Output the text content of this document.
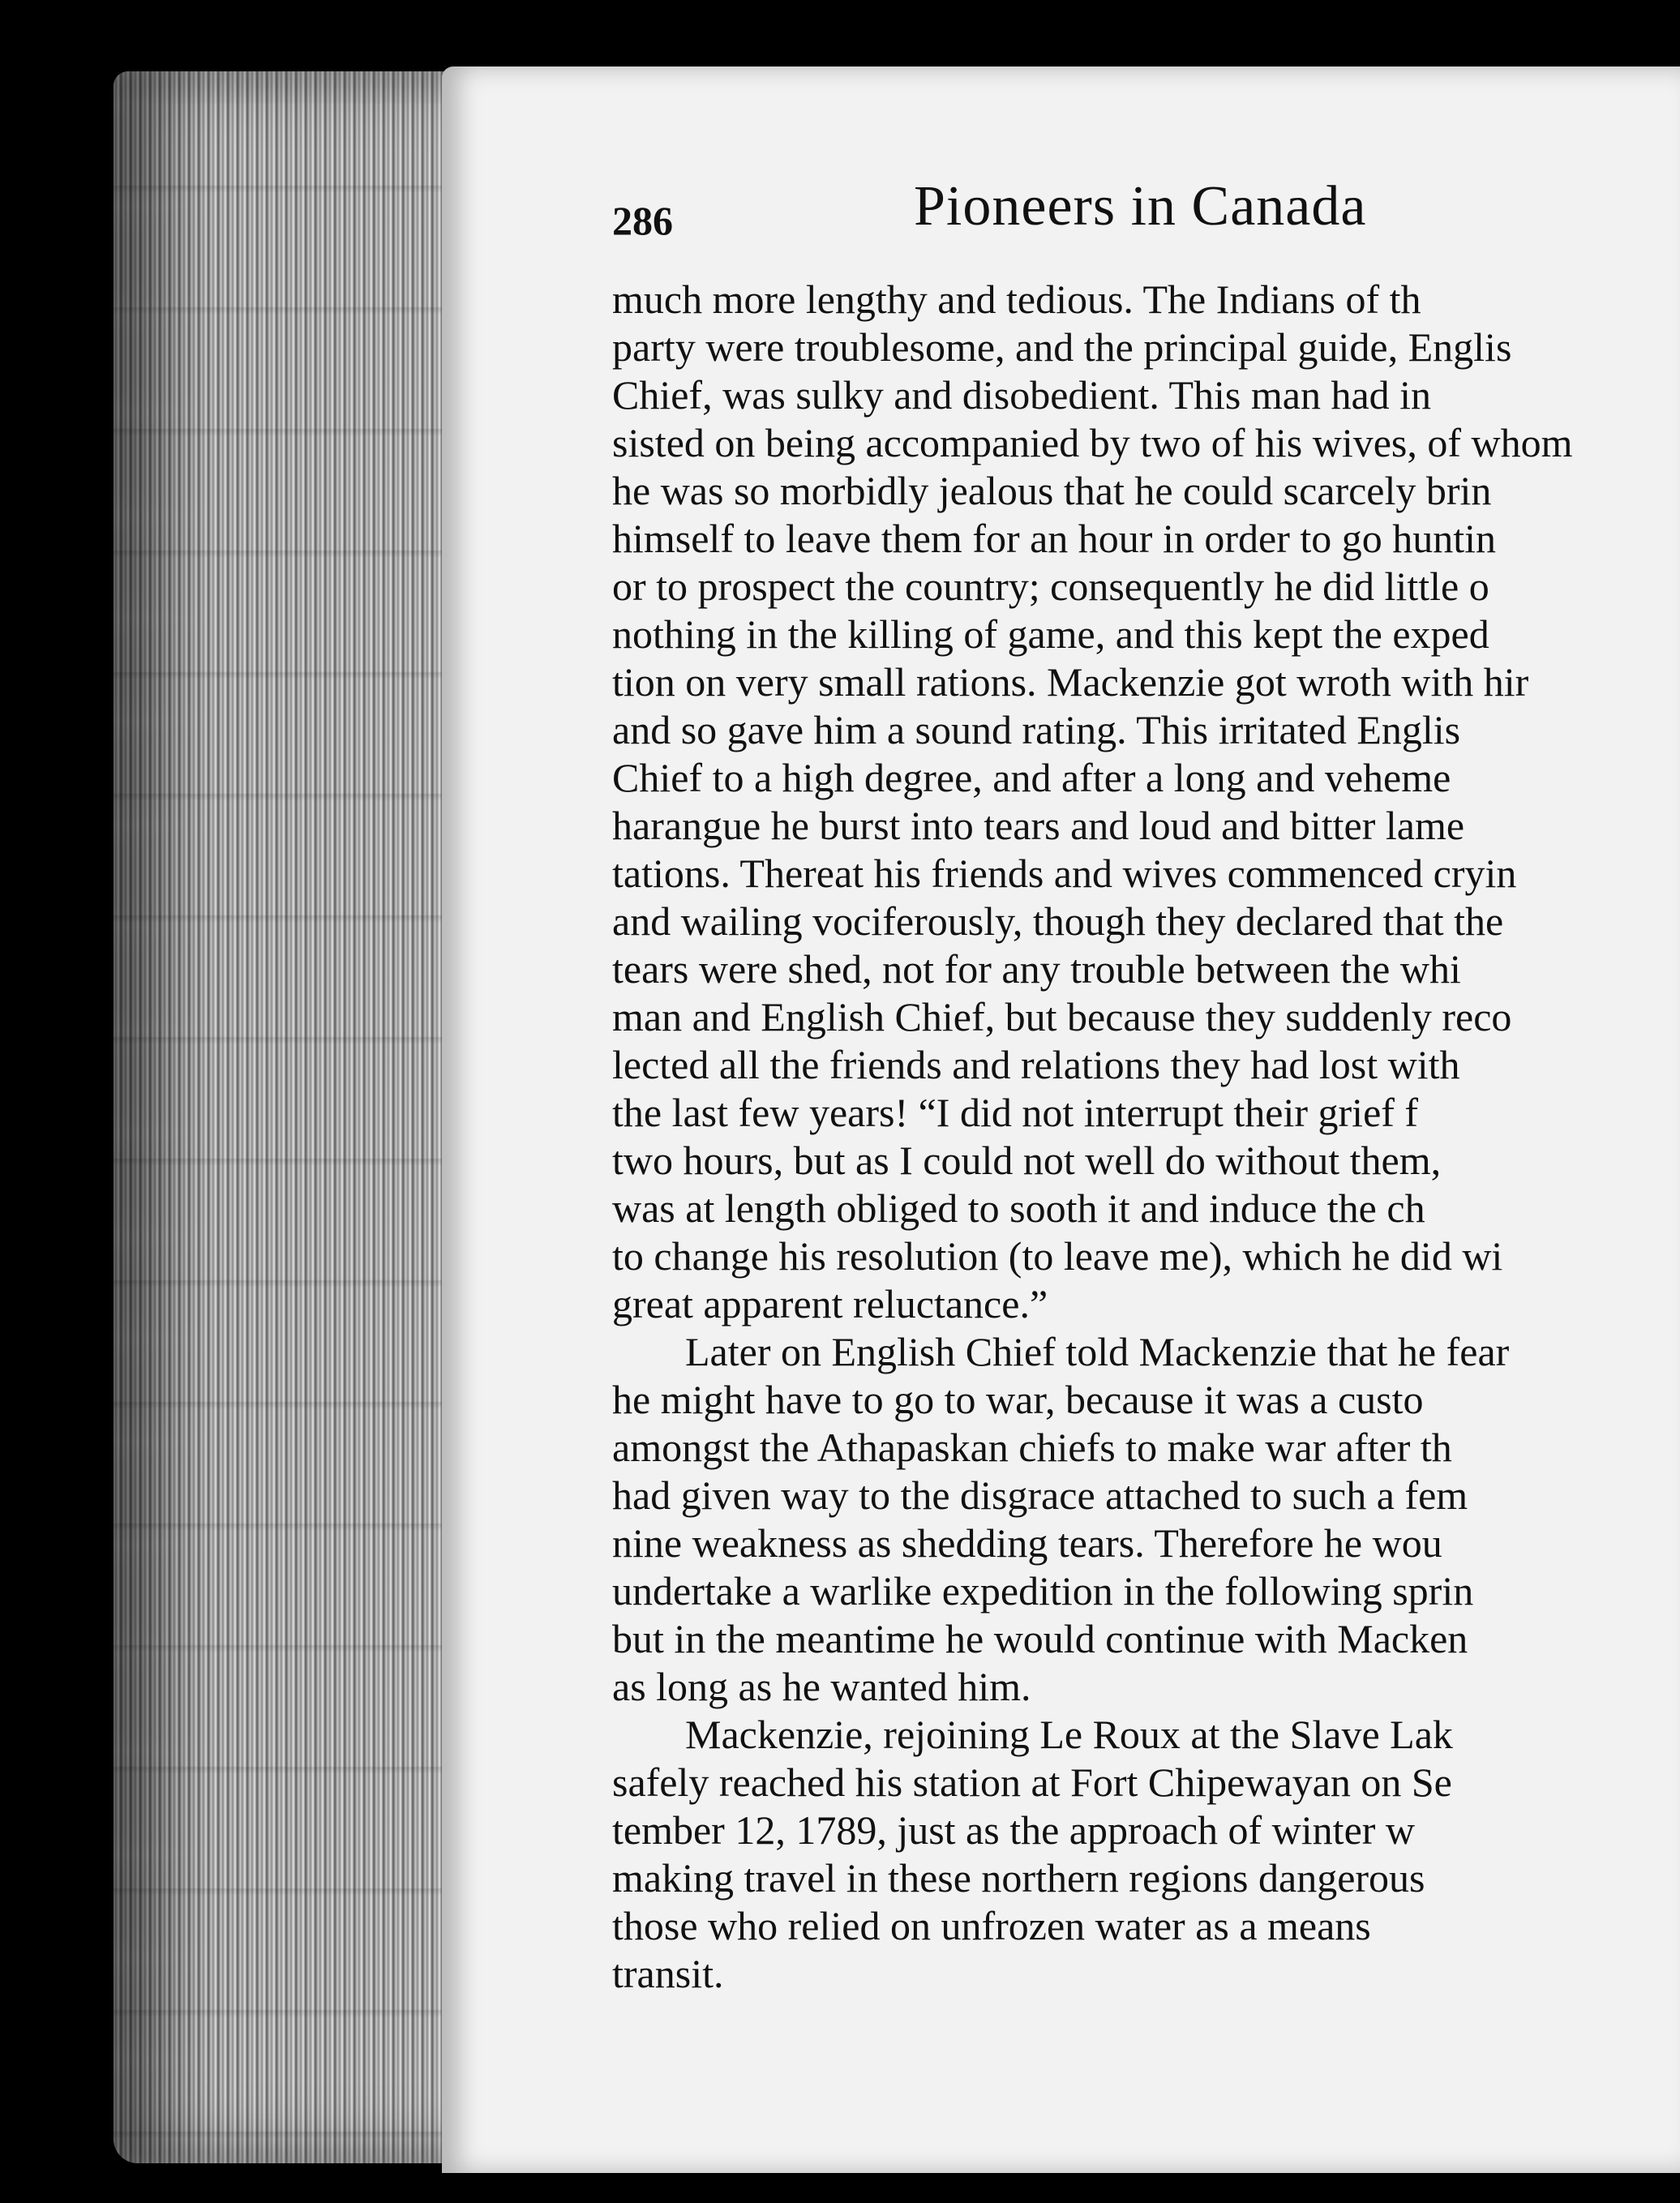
286	Pioneers in Canada
much more lengthy and tedious. The Indians of th
party were troublesome, and the principal guide, Englis
Chief, was sulky and disobedient. This man had in
sisted on being accompanied by two of his wives, of whom
he was so morbidly jealous that he could scarcely brin
himself to leave them for an hour in order to go huntin
or to prospect the country; consequently he did little o
nothing in the killing of game, and this kept the exped
tion on very small rations. Mackenzie got wroth with hir
and so gave him a sound rating. This irritated Englis
Chief to a high degree, and after a long and veheme
harangue he burst into tears and loud and bitter lame
tations. Thereat his friends and wives commenced cryin
and wailing vociferously, though they declared that the
tears were shed, not for any trouble between the whi
man and English Chief, but because they suddenly reco
lected all the friends and relations they had lost with
the last few years! “I did not interrupt their grief f
two hours, but as I could not well do without them,
was at length obliged to sooth it and induce the ch
to change his resolution (to leave me), which he did wi
great apparent reluctance.”
Later on English Chief told Mackenzie that he fear
he might have to go to war, because it was a custo
amongst the Athapaskan chiefs to make war after th
had given way to the disgrace attached to such a fem
nine weakness as shedding tears. Therefore he wou
undertake a warlike expedition in the following sprin
but in the meantime he would continue with Macken
as long as he wanted him.
Mackenzie, rejoining Le Roux at the Slave Lak
safely reached his station at Fort Chipewayan on Se
tember 12, 1789, just as the approach of winter w
making travel in these northern regions dangerous
those who relied on unfrozen water as a means
transit.
